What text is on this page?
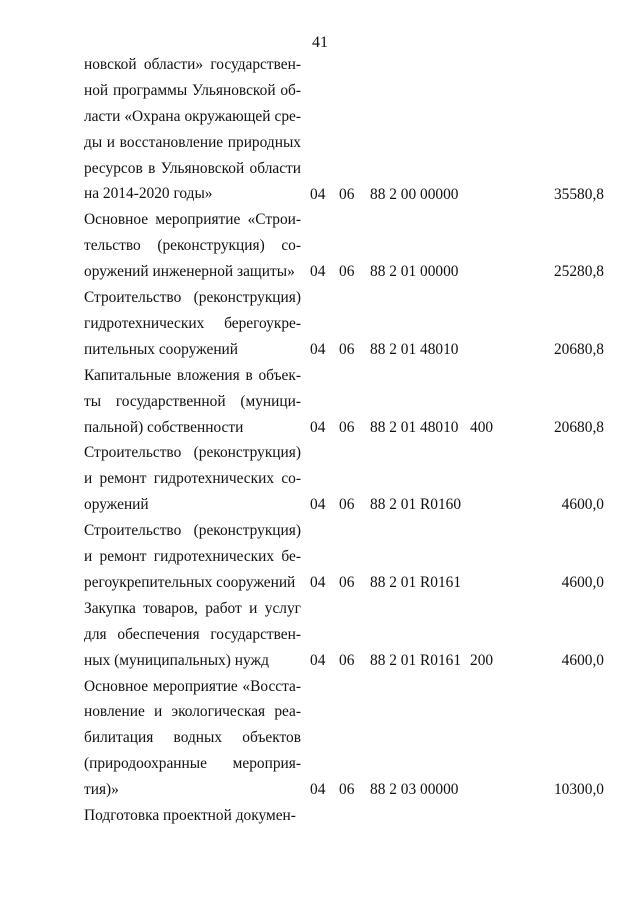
41
новской области» государствен-
ной программы Ульяновской об-
ласти «Охрана окружающей сре-
ды и восстановление природных
ресурсов в Ульяновской области
на 2014-2020 годы»	04 06 88 2 00 00000	35580,8
Основное мероприятие «Строи-
тельство (реконструкция) со-
оружений инженерной защиты» 04 06 88 2 01 00000	25280,8
Строительство (реконструкция)
гидротехнических берегоукре-
пительных сооружений	04 06 88 2 01 48010	20680,8
Капитальные вложения в объек-
ты государственной (муници-
пальной) собственности	04 06 88 2 01 48010 400	20680,8
Строительство (реконструкция)
и ремонт гидротехнических со-
оружений	04 06 88 2 01 R0160	4600,0
Строительство (реконструкция)
и ремонт гидротехнических бе-
регоукрепительных сооружений 04 06 88 2 01 R0161	4600,0
Закупка товаров, работ и услуг
для обеспечения государствен-
ных (муниципальных) нужд	04 06 88 2 01 R0161 200	4600,0
Основное мероприятие «Восста-
новление и экологическая реа-
билитация водных объектов
(природоохранные мероприя-
тия)»	04 06 88 2 03 00000	10300,0
Подготовка проектной докумен-
